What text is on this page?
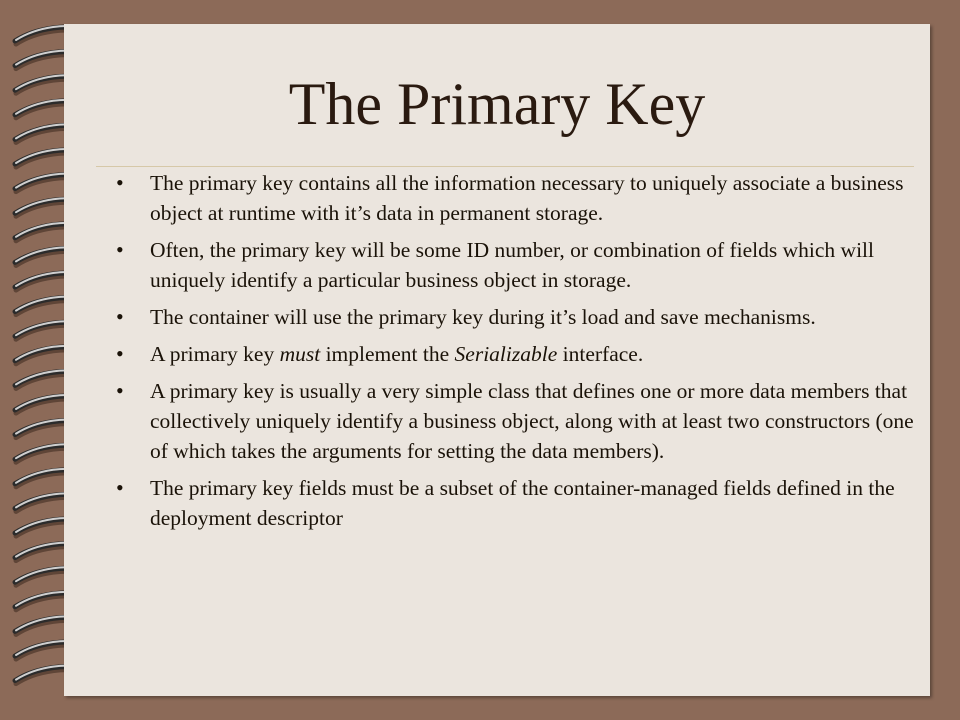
The Primary Key
• The primary key contains all the information necessary to uniquely associate a business object at runtime with it’s data in permanent storage.
• Often, the primary key will be some ID number, or combination of fields which will uniquely identify a particular business object in storage.
• The container will use the primary key during it’s load and save mechanisms.
• A primary key must implement the Serializable interface.
• A primary key is usually a very simple class that defines one or more data members that collectively uniquely identify a business object, along with at least two constructors (one of which takes the arguments for setting the data members).
• The primary key fields must be a subset of the container-managed fields defined in the deployment descriptor
